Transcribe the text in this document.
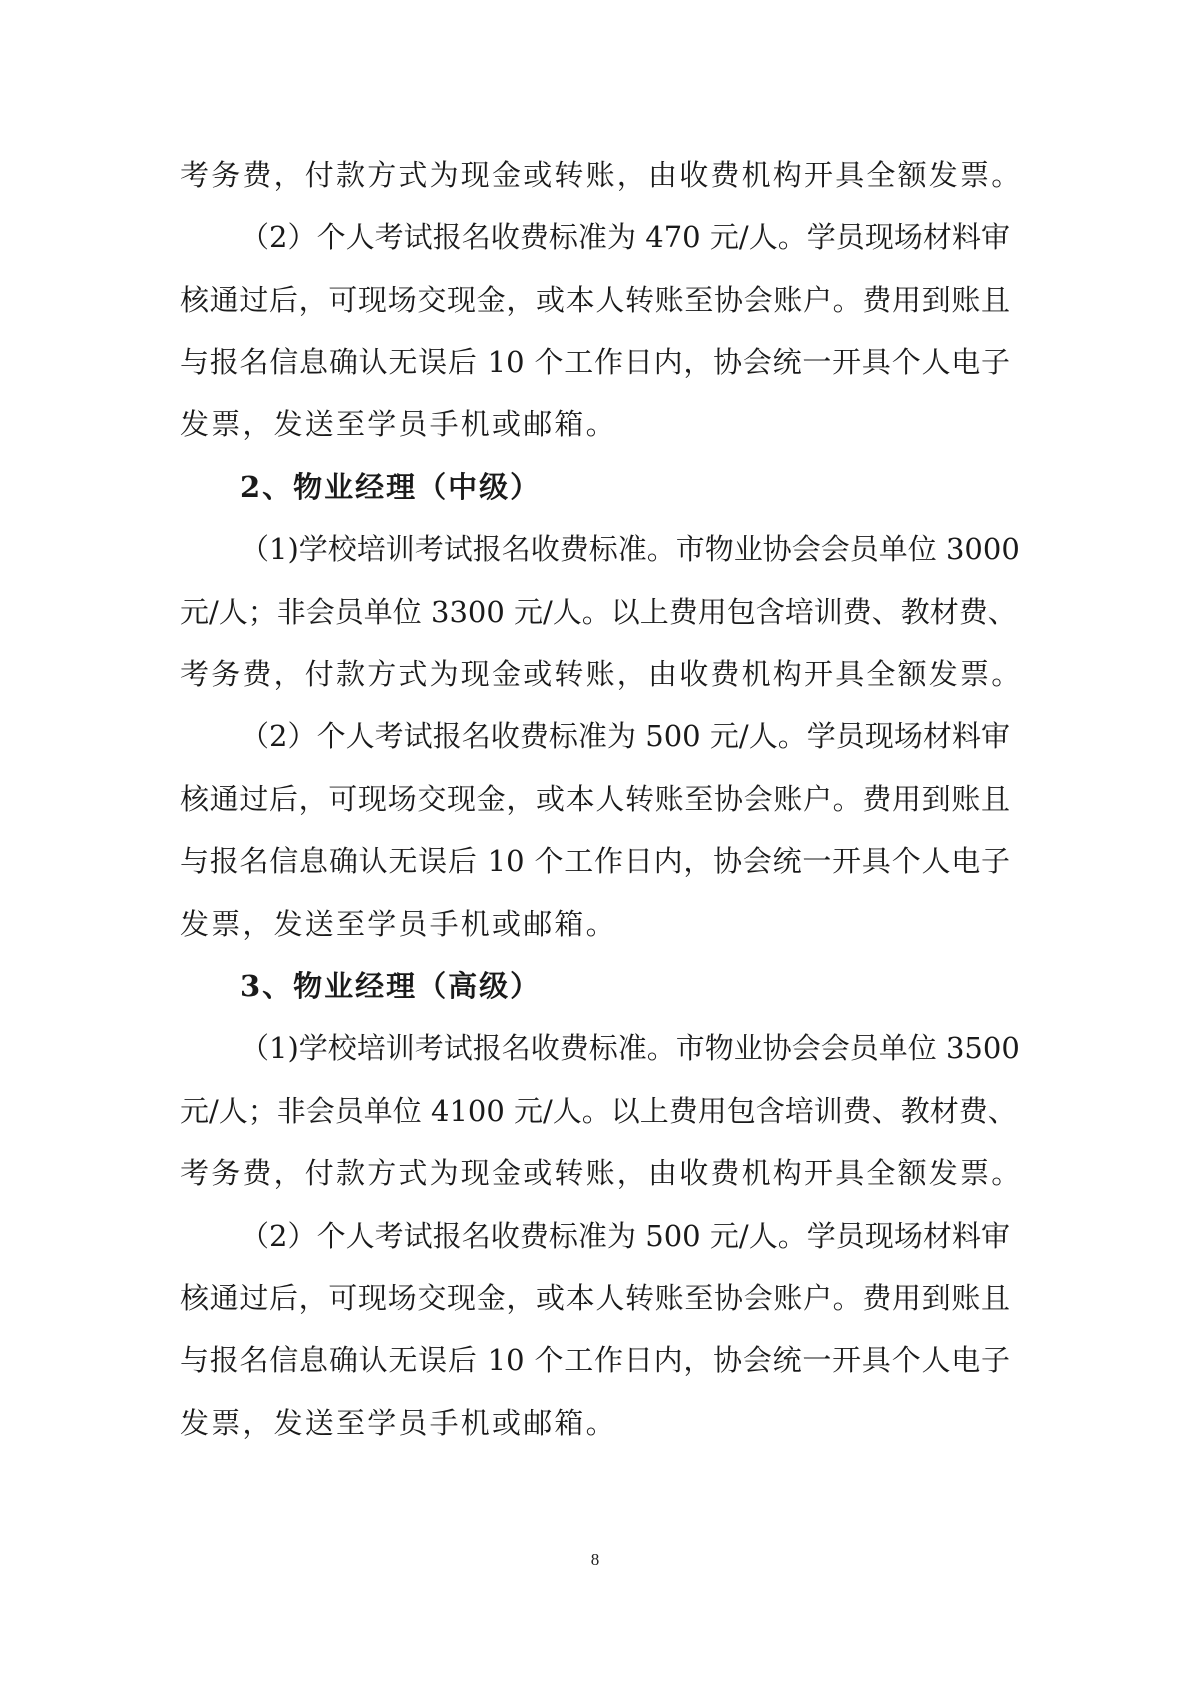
考务费，付款方式为现金或转账，由收费机构开具全额发票。
（2）个人考试报名收费标准为 470 元/人。学员现场材料审
核通过后，可现场交现金，或本人转账至协会账户。费用到账且
与报名信息确认无误后 10 个工作日内，协会统一开具个人电子
发票，发送至学员手机或邮箱。
2、物业经理（中级）
（1)学校培训考试报名收费标准。市物业协会会员单位 3000
元/人；非会员单位 3300 元/人。以上费用包含培训费、教材费、
考务费，付款方式为现金或转账，由收费机构开具全额发票。
（2）个人考试报名收费标准为 500 元/人。学员现场材料审
核通过后，可现场交现金，或本人转账至协会账户。费用到账且
与报名信息确认无误后 10 个工作日内，协会统一开具个人电子
发票，发送至学员手机或邮箱。
3、物业经理（高级）
（1)学校培训考试报名收费标准。市物业协会会员单位 3500
元/人；非会员单位 4100 元/人。以上费用包含培训费、教材费、
考务费，付款方式为现金或转账，由收费机构开具全额发票。
（2）个人考试报名收费标准为 500 元/人。学员现场材料审
核通过后，可现场交现金，或本人转账至协会账户。费用到账且
与报名信息确认无误后 10 个工作日内，协会统一开具个人电子
发票，发送至学员手机或邮箱。
8
